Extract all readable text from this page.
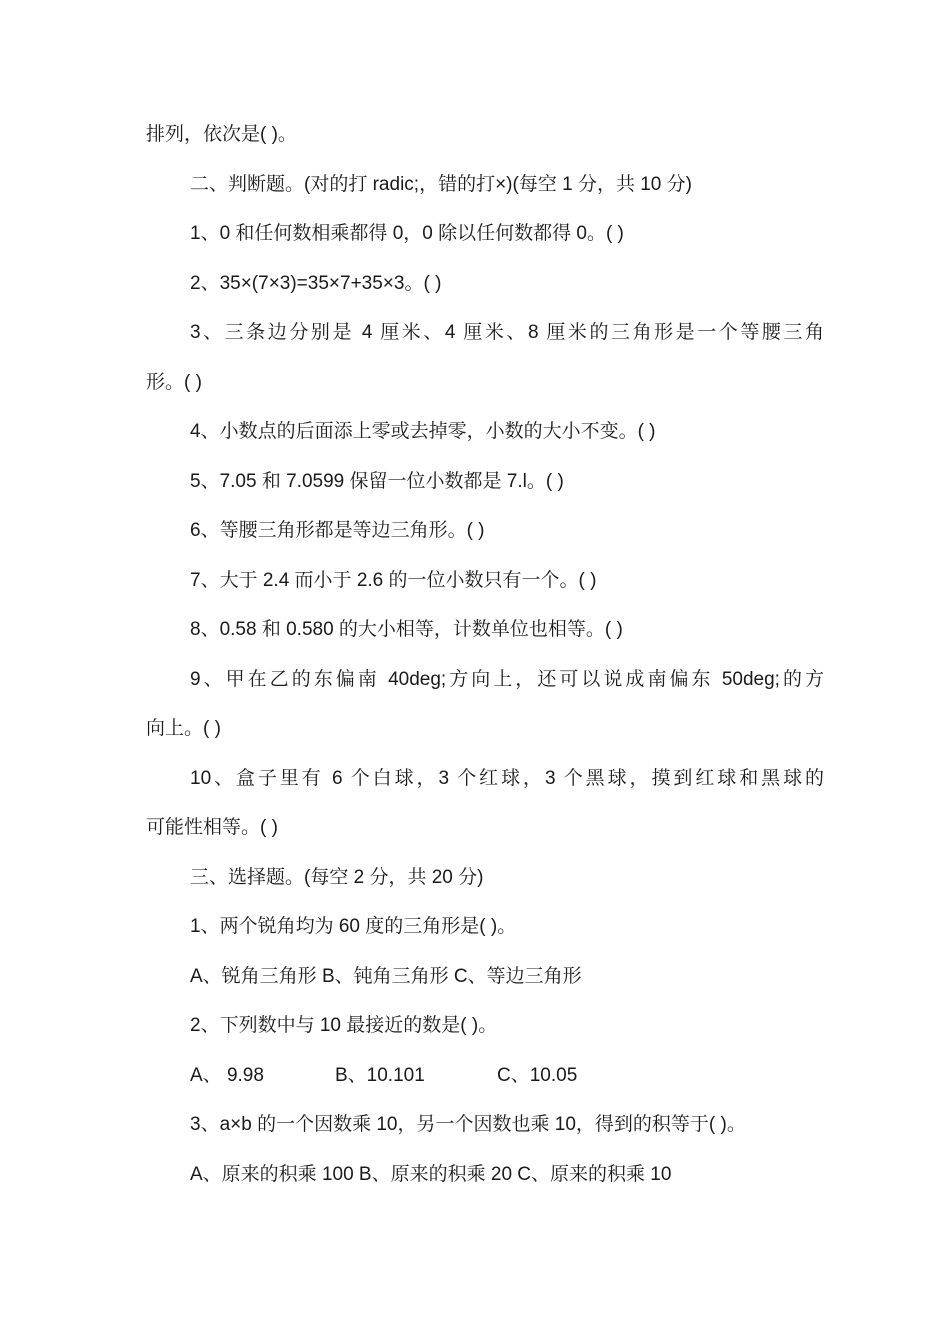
排列，依次是( )。
二、判断题。(对的打 radic;，错的打×)(每空 1 分，共 10 分)
1、0 和任何数相乘都得 0，0 除以任何数都得 0。( )
2、35×(7×3)=35×7+35×3。( )
3、三条边分别是 4 厘米、4 厘米、8 厘米的三角形是一个等腰三角
形。( )
4、小数点的后面添上零或去掉零，小数的大小不变。( )
5、7.05 和 7.0599 保留一位小数都是 7.l。( )
6、等腰三角形都是等边三角形。( )
7、大于 2.4 而小于 2.6 的一位小数只有一个。( )
8、0.58 和 0.580 的大小相等，计数单位也相等。( )
9、甲在乙的东偏南 40deg;方向上，还可以说成南偏东 50deg;的方
向上。( )
10、盒子里有 6 个白球，3 个红球，3 个黑球，摸到红球和黑球的
可能性相等。( )
三、选择题。(每空 2 分，共 20 分)
1、两个锐角均为 60 度的三角形是( )。
A、锐角三角形 B、钝角三角形 C、等边三角形
2、下列数中与 10 最接近的数是( )。
A、 9.98	B、10.101	C、10.05
3、a×b 的一个因数乘 10，另一个因数也乘 10，得到的积等于( )。
A、原来的积乘 100 B、原来的积乘 20 C、原来的积乘 10
